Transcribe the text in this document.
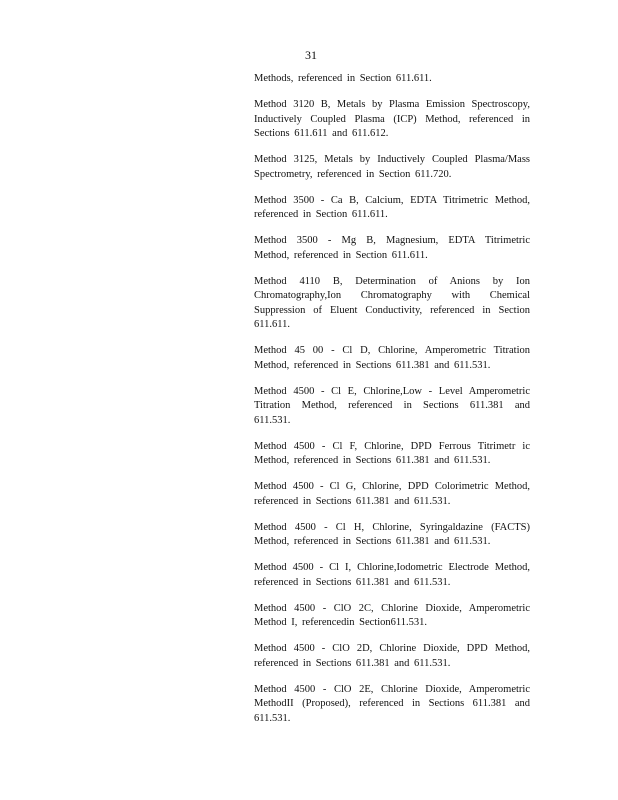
31

Methods, referenced in Section 611.611.

Method 3120 B, Metals by Plasma Emission Spectroscopy, Inductively Coupled Plasma (ICP) Method, referenced in Sections 611.611 and 611.612.

Method 3125, Metals by Inductively Coupled Plasma/Mass Spectrometry, referenced in Section 611.720.

Method 3500 - Ca B, Calcium, EDTA Titrimetric Method, referenced in Section 611.611.

Method 3500 - Mg B, Magnesium, EDTA Titrimetric Method, referenced in Section 611.611.

Method 4110 B, Determination of Anions by Ion Chromatography,Ion Chromatography with Chemical Suppression of Eluent Conductivity, referenced in Section 611.611.

Method 45 00 - Cl D, Chlorine, Amperometric Titration Method, referenced in Sections 611.381 and 611.531.

Method 4500 - Cl E, Chlorine,Low - Level Amperometric Titration Method, referenced in Sections 611.381 and 611.531.

Method 4500 - Cl F, Chlorine, DPD Ferrous Titrimetr ic Method, referenced in Sections 611.381 and 611.531.

Method 4500 - Cl G, Chlorine, DPD Colorimetric Method, referenced in Sections 611.381 and 611.531.

Method 4500 - Cl H, Chlorine, Syringaldazine (FACTS) Method, referenced in Sections 611.381 and 611.531.

Method 4500 - Cl I, Chlorine,Iodometric Electrode Method, referenced in Sections 611.381 and 611.531.

Method 4500 - ClO 2C, Chlorine Dioxide, Amperometric Method I, referencedin Section611.531.

Method 4500 - ClO 2D, Chlorine Dioxide, DPD Method, referenced in Sections 611.381 and 611.531.

Method 4500 - ClO 2E, Chlorine Dioxide, Amperometric MethodII (Proposed), referenced in Sections 611.381 and 611.531.
